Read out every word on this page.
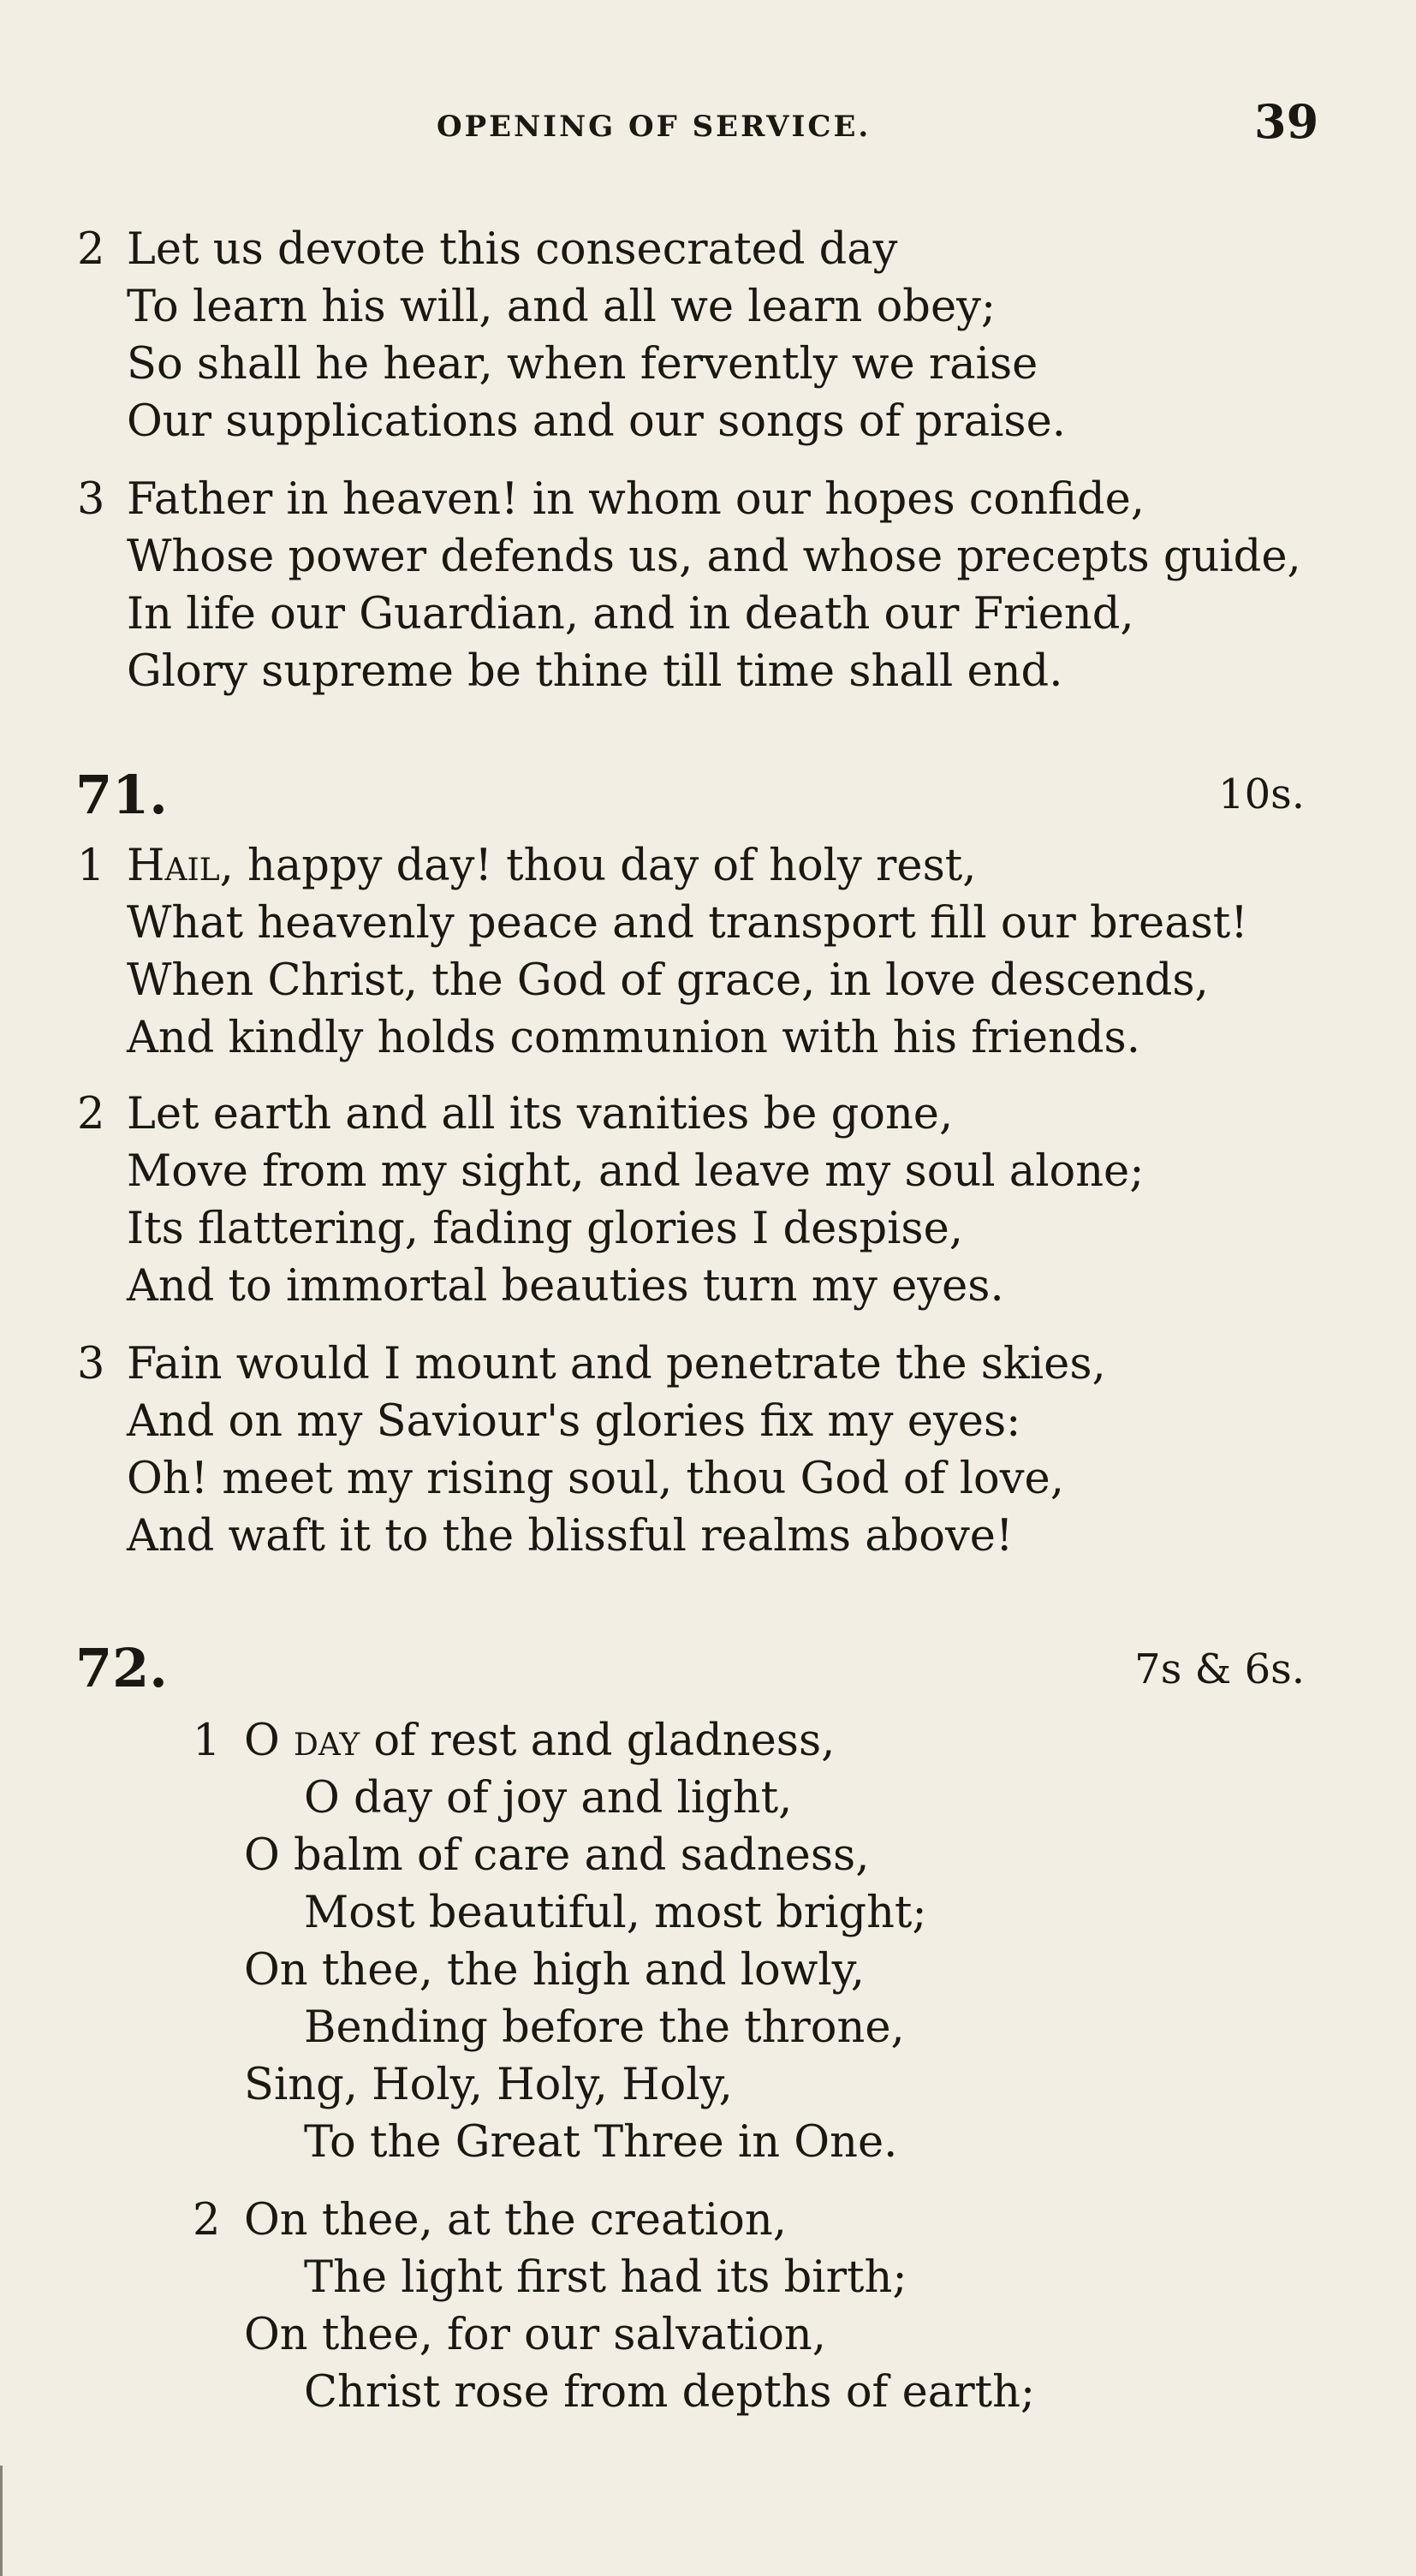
OPENING OF SERVICE.	39
2 Let us devote this consecrated day
To learn his will, and all we learn obey;
So shall he hear, when fervently we raise
Our supplications and our songs of praise.
3 Father in heaven! in whom our hopes confide,
Whose power defends us, and whose precepts guide,
In life our Guardian, and in death our Friend,
Glory supreme be thine till time shall end.
71.	10s.
1 Hail, happy day! thou day of holy rest,
What heavenly peace and transport fill our breast!
When Christ, the God of grace, in love descends,
And kindly holds communion with his friends.
2 Let earth and all its vanities be gone,
Move from my sight, and leave my soul alone;
Its flattering, fading glories I despise,
And to immortal beauties turn my eyes.
3 Fain would I mount and penetrate the skies,
And on my Saviour's glories fix my eyes:
Oh! meet my rising soul, thou God of love,
And waft it to the blissful realms above!
72.	7s & 6s.
1 O day of rest and gladness,
O day of joy and light,
O balm of care and sadness,
Most beautiful, most bright;
On thee, the high and lowly,
Bending before the throne,
Sing, Holy, Holy, Holy,
To the Great Three in One.
2 On thee, at the creation,
The light first had its birth;
On thee, for our salvation,
Christ rose from depths of earth;
